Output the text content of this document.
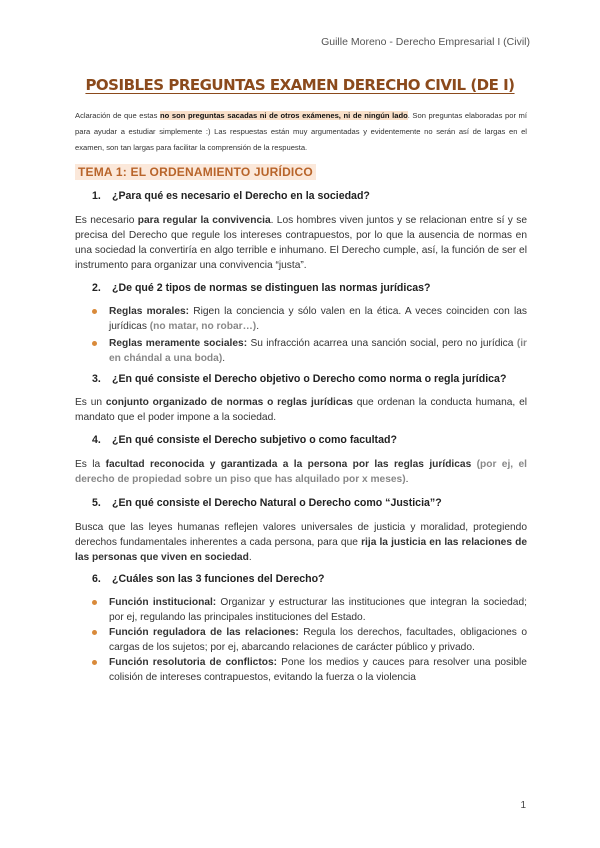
Guille Moreno - Derecho Empresarial I (Civil)
POSIBLES PREGUNTAS EXAMEN DERECHO CIVIL (DE I)
Aclaración de que estas no son preguntas sacadas ni de otros exámenes, ni de ningún lado. Son preguntas elaboradas por mí para ayudar a estudiar simplemente :) Las respuestas están muy argumentadas y evidentemente no serán así de largas en el examen, son tan largas para facilitar la comprensión de la respuesta.
TEMA 1: EL ORDENAMIENTO JURÍDICO
1. ¿Para qué es necesario el Derecho en la sociedad?
Es necesario para regular la convivencia. Los hombres viven juntos y se relacionan entre sí y se precisa del Derecho que regule los intereses contrapuestos, por lo que la ausencia de normas en una sociedad la convertiría en algo terrible e inhumano. El Derecho cumple, así, la función de ser el instrumento para organizar una convivencia “justa”.
2. ¿De qué 2 tipos de normas se distinguen las normas jurídicas?
Reglas morales: Rigen la conciencia y sólo valen en la ética. A veces coinciden con las jurídicas (no matar, no robar…).
Reglas meramente sociales: Su infracción acarrea una sanción social, pero no jurídica (ir en chándal a una boda).
3. ¿En qué consiste el Derecho objetivo o Derecho como norma o regla jurídica?
Es un conjunto organizado de normas o reglas jurídicas que ordenan la conducta humana, el mandato que el poder impone a la sociedad.
4. ¿En qué consiste el Derecho subjetivo o como facultad?
Es la facultad reconocida y garantizada a la persona por las reglas jurídicas (por ej, el derecho de propiedad sobre un piso que has alquilado por x meses).
5. ¿En qué consiste el Derecho Natural o Derecho como “Justicia”?
Busca que las leyes humanas reflejen valores universales de justicia y moralidad, protegiendo derechos fundamentales inherentes a cada persona, para que rija la justicia en las relaciones de las personas que viven en sociedad.
6. ¿Cuáles son las 3 funciones del Derecho?
Función institucional: Organizar y estructurar las instituciones que integran la sociedad; por ej, regulando las principales instituciones del Estado.
Función reguladora de las relaciones: Regula los derechos, facultades, obligaciones o cargas de los sujetos; por ej, abarcando relaciones de carácter público y privado.
Función resolutoria de conflictos: Pone los medios y cauces para resolver una posible colisión de intereses contrapuestos, evitando la fuerza o la violencia
1
